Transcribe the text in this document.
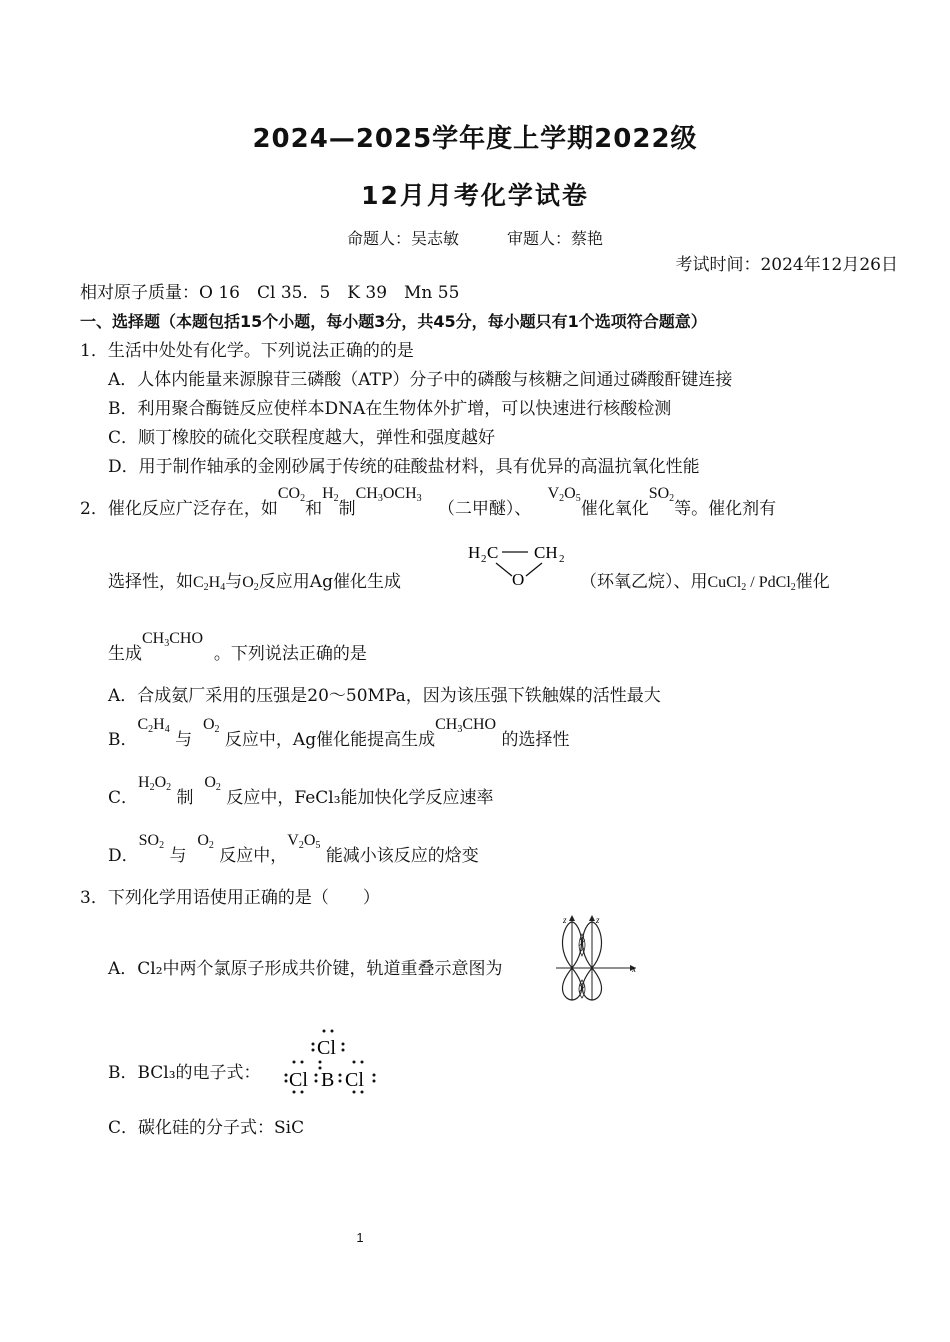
2024—2025学年度上学期2022级
12月月考化学试卷
命题人：吴志敏	审题人：蔡艳
考试时间：2024年12月26日
相对原子质量：O 16　Cl 35．5　K 39　Mn 55
一、选择题（本题包括15个小题，每小题3分，共45分，每小题只有1个选项符合题意）
1．生活中处处有化学。下列说法正确的的是
A．人体内能量来源腺苷三磷酸（ATP）分子中的磷酸与核糖之间通过磷酸酐键连接
B．利用聚合酶链反应使样本DNA在生物体外扩增，可以快速进行核酸检测
C．顺丁橡胶的硫化交联程度越大，弹性和强度越好
D．用于制作轴承的金刚砂属于传统的硅酸盐材料，具有优异的高温抗氧化性能
2．催化反应广泛存在，如$CO_2$和$H_2$制$CH_3OCH_3$   （二甲醚）、   $V_2O_5$催化氧化$SO_2$等。催化剂有
选择性，如$C_2H_4$与$O_2$反应用Ag催化生成
H 2 C CH 2
O	（环氧乙烷）、用CuCl$_2$ / PdCl$_2$催化
生成$CH_3CHO$  。下列说法正确的是
A．合成氨厂采用的压强是20～50MPa，因为该压强下铁触媒的活性最大
B．$C_2H_4$ 与  $O_2$ 反应中，Ag催化能提高生成$CH_3CHO$ 的选择性
C．$H_2O_2$ 制  $O_2$ 反应中，FeCl₃能加快化学反应速率
D．$SO_2$ 与  $O_2$ 反应中，$V_2O_5$ 能减小该反应的焓变
3．下列化学用语使用正确的是（　　）
A．Cl₂中两个氯原子形成共价键，轨道重叠示意图为	x
z	z
B．BCl₃的电子式：
Cl
Cl B Cl
C．碳化硅的分子式：SiC
1
